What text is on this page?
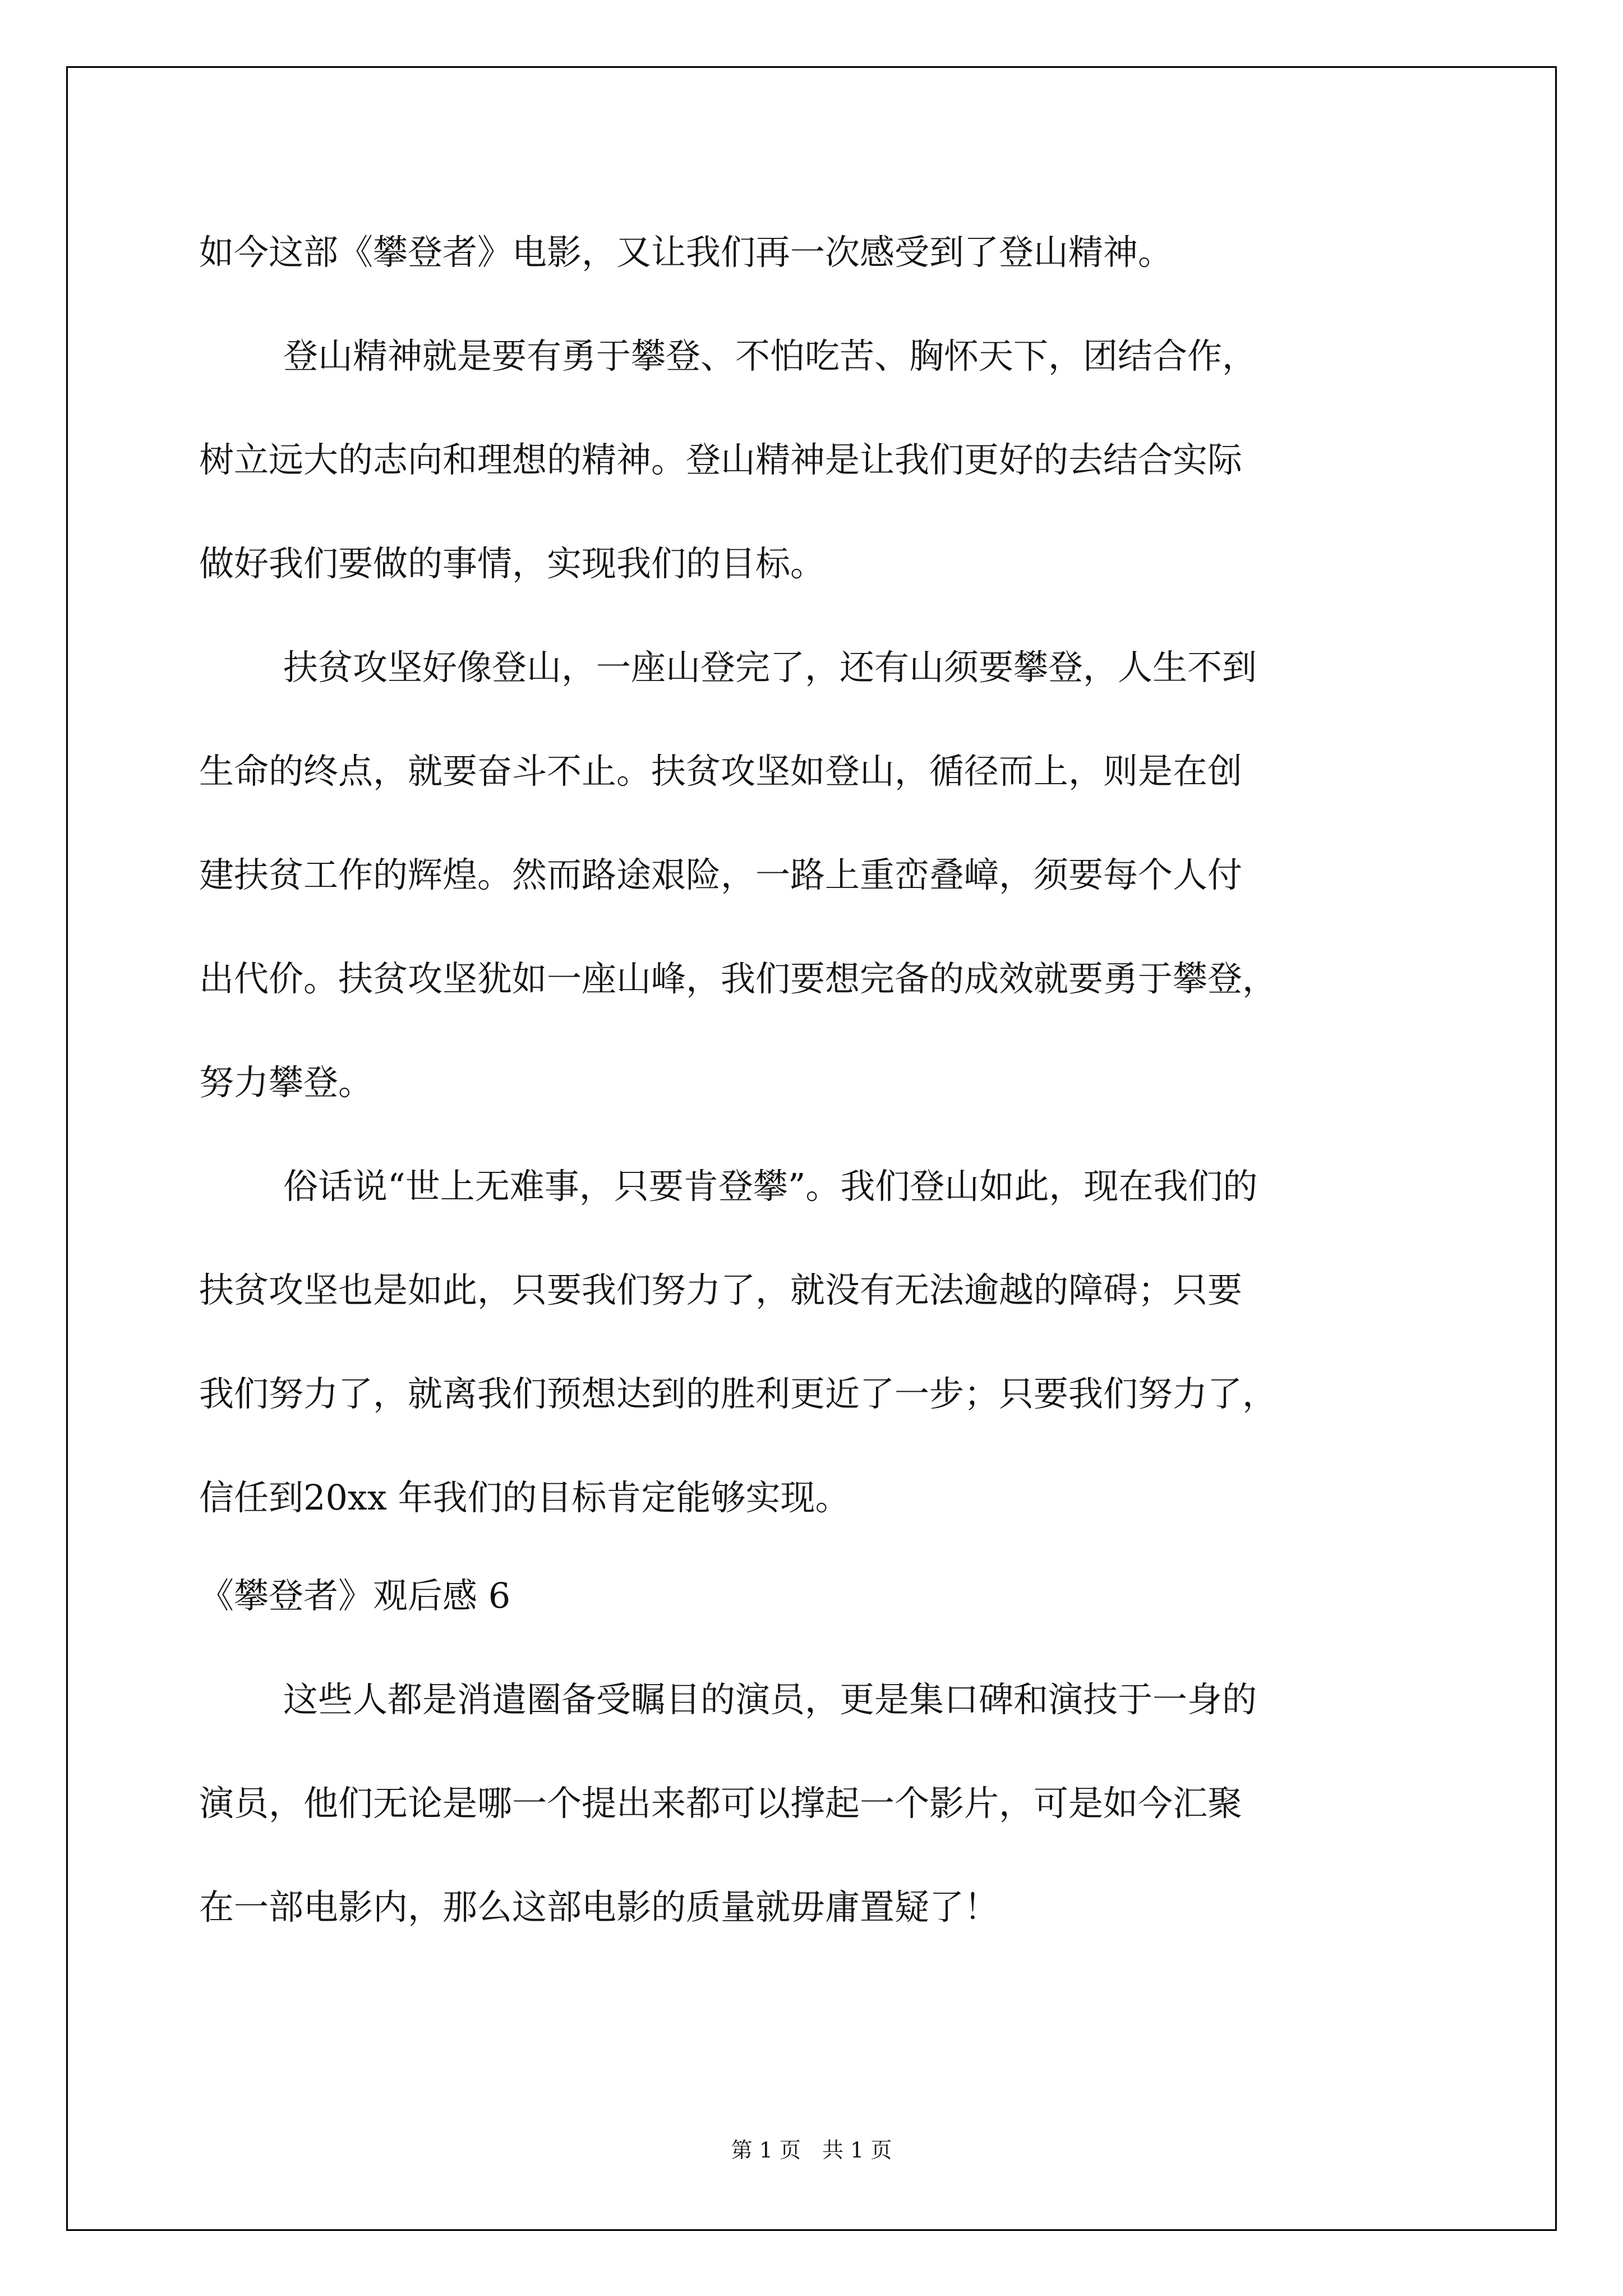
如今这部《攀登者》电影，又让我们再一次感受到了登山精神。

登山精神就是要有勇于攀登、不怕吃苦、胸怀天下，团结合作，

树立远大的志向和理想的精神。登山精神是让我们更好的去结合实际

做好我们要做的事情，实现我们的目标。

扶贫攻坚好像登山，一座山登完了，还有山须要攀登，人生不到

生命的终点，就要奋斗不止。扶贫攻坚如登山，循径而上，则是在创

建扶贫工作的辉煌。然而路途艰险，一路上重峦叠嶂，须要每个人付

出代价。扶贫攻坚犹如一座山峰，我们要想完备的成效就要勇于攀登，

努力攀登。

俗话说“世上无难事，只要肯登攀”。我们登山如此，现在我们的

扶贫攻坚也是如此，只要我们努力了，就没有无法逾越的障碍；只要

我们努力了，就离我们预想达到的胜利更近了一步；只要我们努力了，

信任到20xx 年我们的目标肯定能够实现。

《攀登者》观后感 6

这些人都是消遣圈备受瞩目的演员，更是集口碑和演技于一身的

演员，他们无论是哪一个提出来都可以撑起一个影片，可是如今汇聚

在一部电影内，那么这部电影的质量就毋庸置疑了！

第 1 页　共 1 页
